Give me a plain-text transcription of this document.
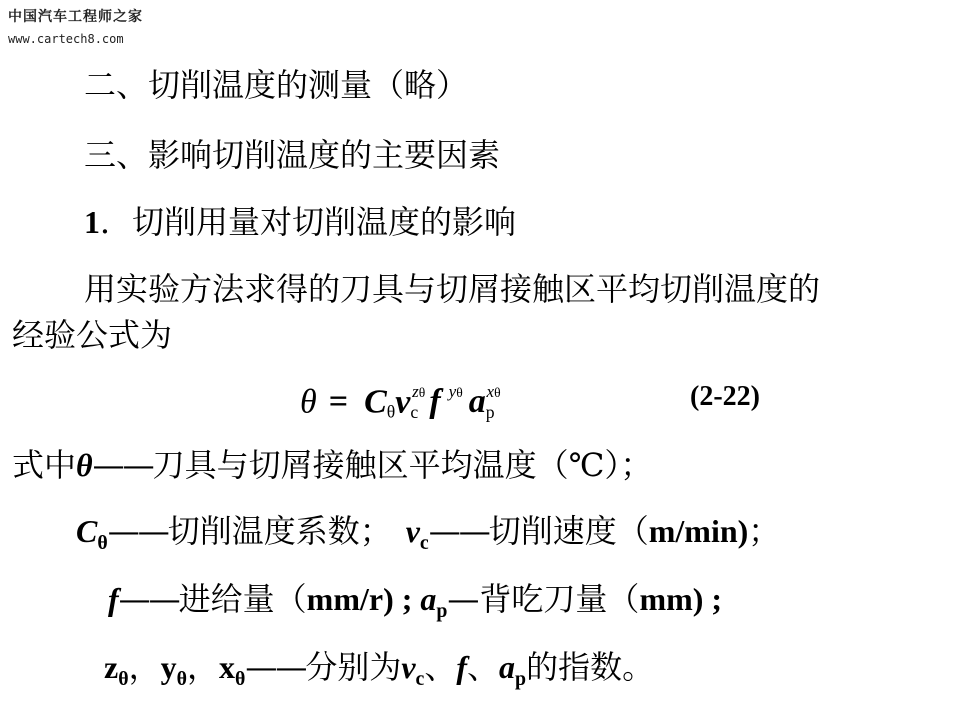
中国汽车工程师之家
www.cartech8.com
二、切削温度的测量（略）
三、影响切削温度的主要因素
1．切削用量对切削温度的影响
用实验方法求得的刀具与切屑接触区平均切削温度的
经验公式为
θ = Cθvc$^{z\theta}$ f $^{y\theta}$ $ap^{x\theta}$	(2-22)
式中θ——刀具与切屑接触区平均温度（℃）；
$C_\theta——$切削温度系数； $v_c——$切削速度（m/min)；
f——进给量（mm/r) ; $a_p—$背吃刀量（mm) ;
$z_\theta$，$y_\theta$，$x_\theta——$分别为$v_c$、f、$a_p$的指数。
